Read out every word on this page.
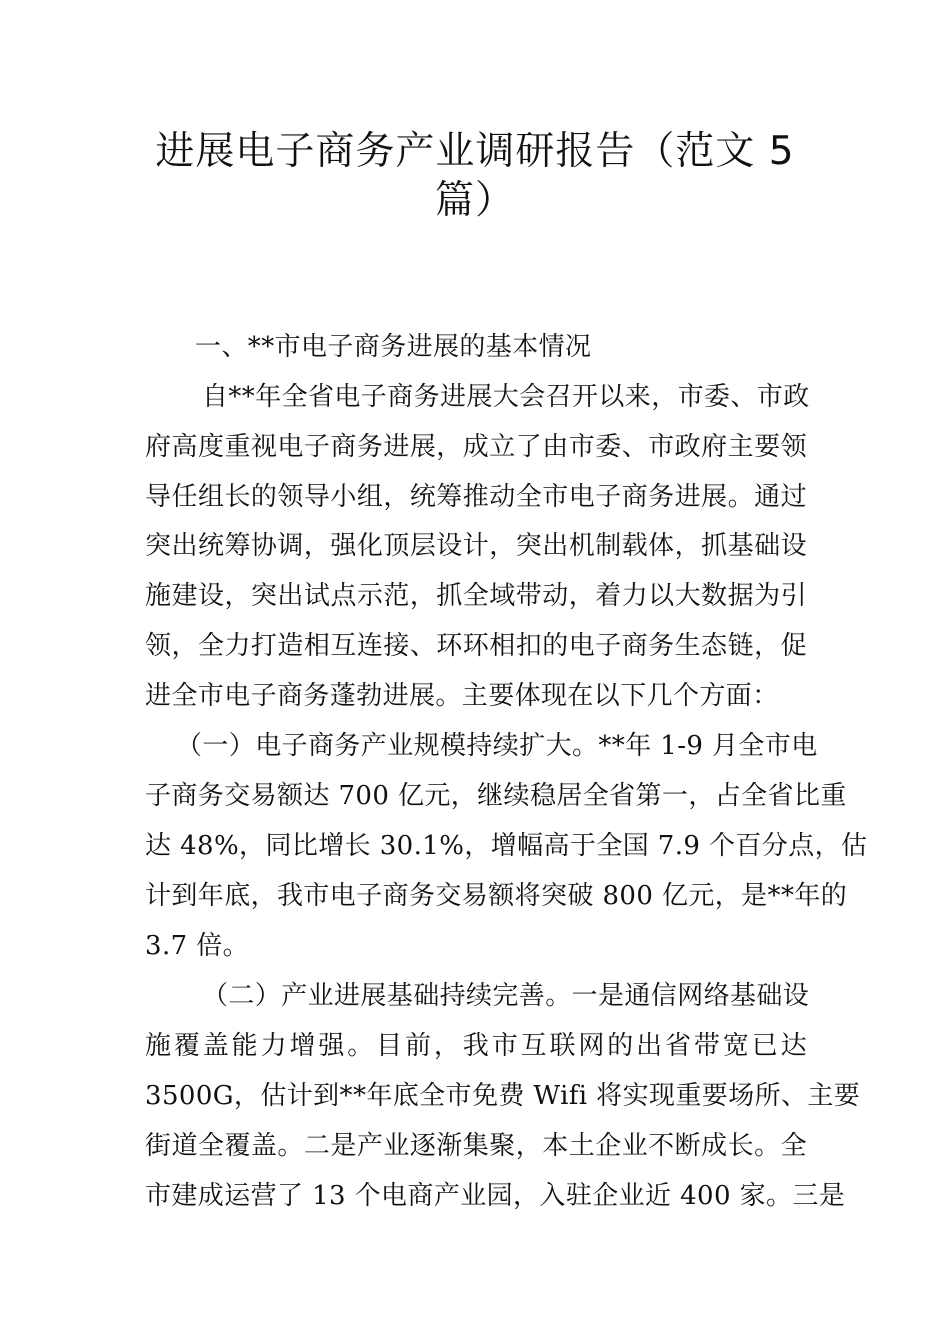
进展电子商务产业调研报告（范文 5
篇）
一、**市电子商务进展的基本情况
自**年全省电子商务进展大会召开以来，市委、市政
府高度重视电子商务进展，成立了由市委、市政府主要领
导任组长的领导小组，统筹推动全市电子商务进展。通过
突出统筹协调，强化顶层设计，突出机制载体，抓基础设
施建设，突出试点示范，抓全域带动，着力以大数据为引
领，全力打造相互连接、环环相扣的电子商务生态链，促
进全市电子商务蓬勃进展。主要体现在以下几个方面：
（一）电子商务产业规模持续扩大。**年 1-9 月全市电
子商务交易额达 700 亿元，继续稳居全省第一，占全省比重
达 48%，同比增长 30.1%，增幅高于全国 7.9 个百分点，估
计到年底，我市电子商务交易额将突破 800 亿元，是**年的
3.7 倍。
（二）产业进展基础持续完善。一是通信网络基础设
施覆盖能力增强。目前，我市互联网的出省带宽已达
3500G，估计到**年底全市免费 Wifi 将实现重要场所、主要
街道全覆盖。二是产业逐渐集聚，本土企业不断成长。全
市建成运营了 13 个电商产业园，入驻企业近 400 家。三是
